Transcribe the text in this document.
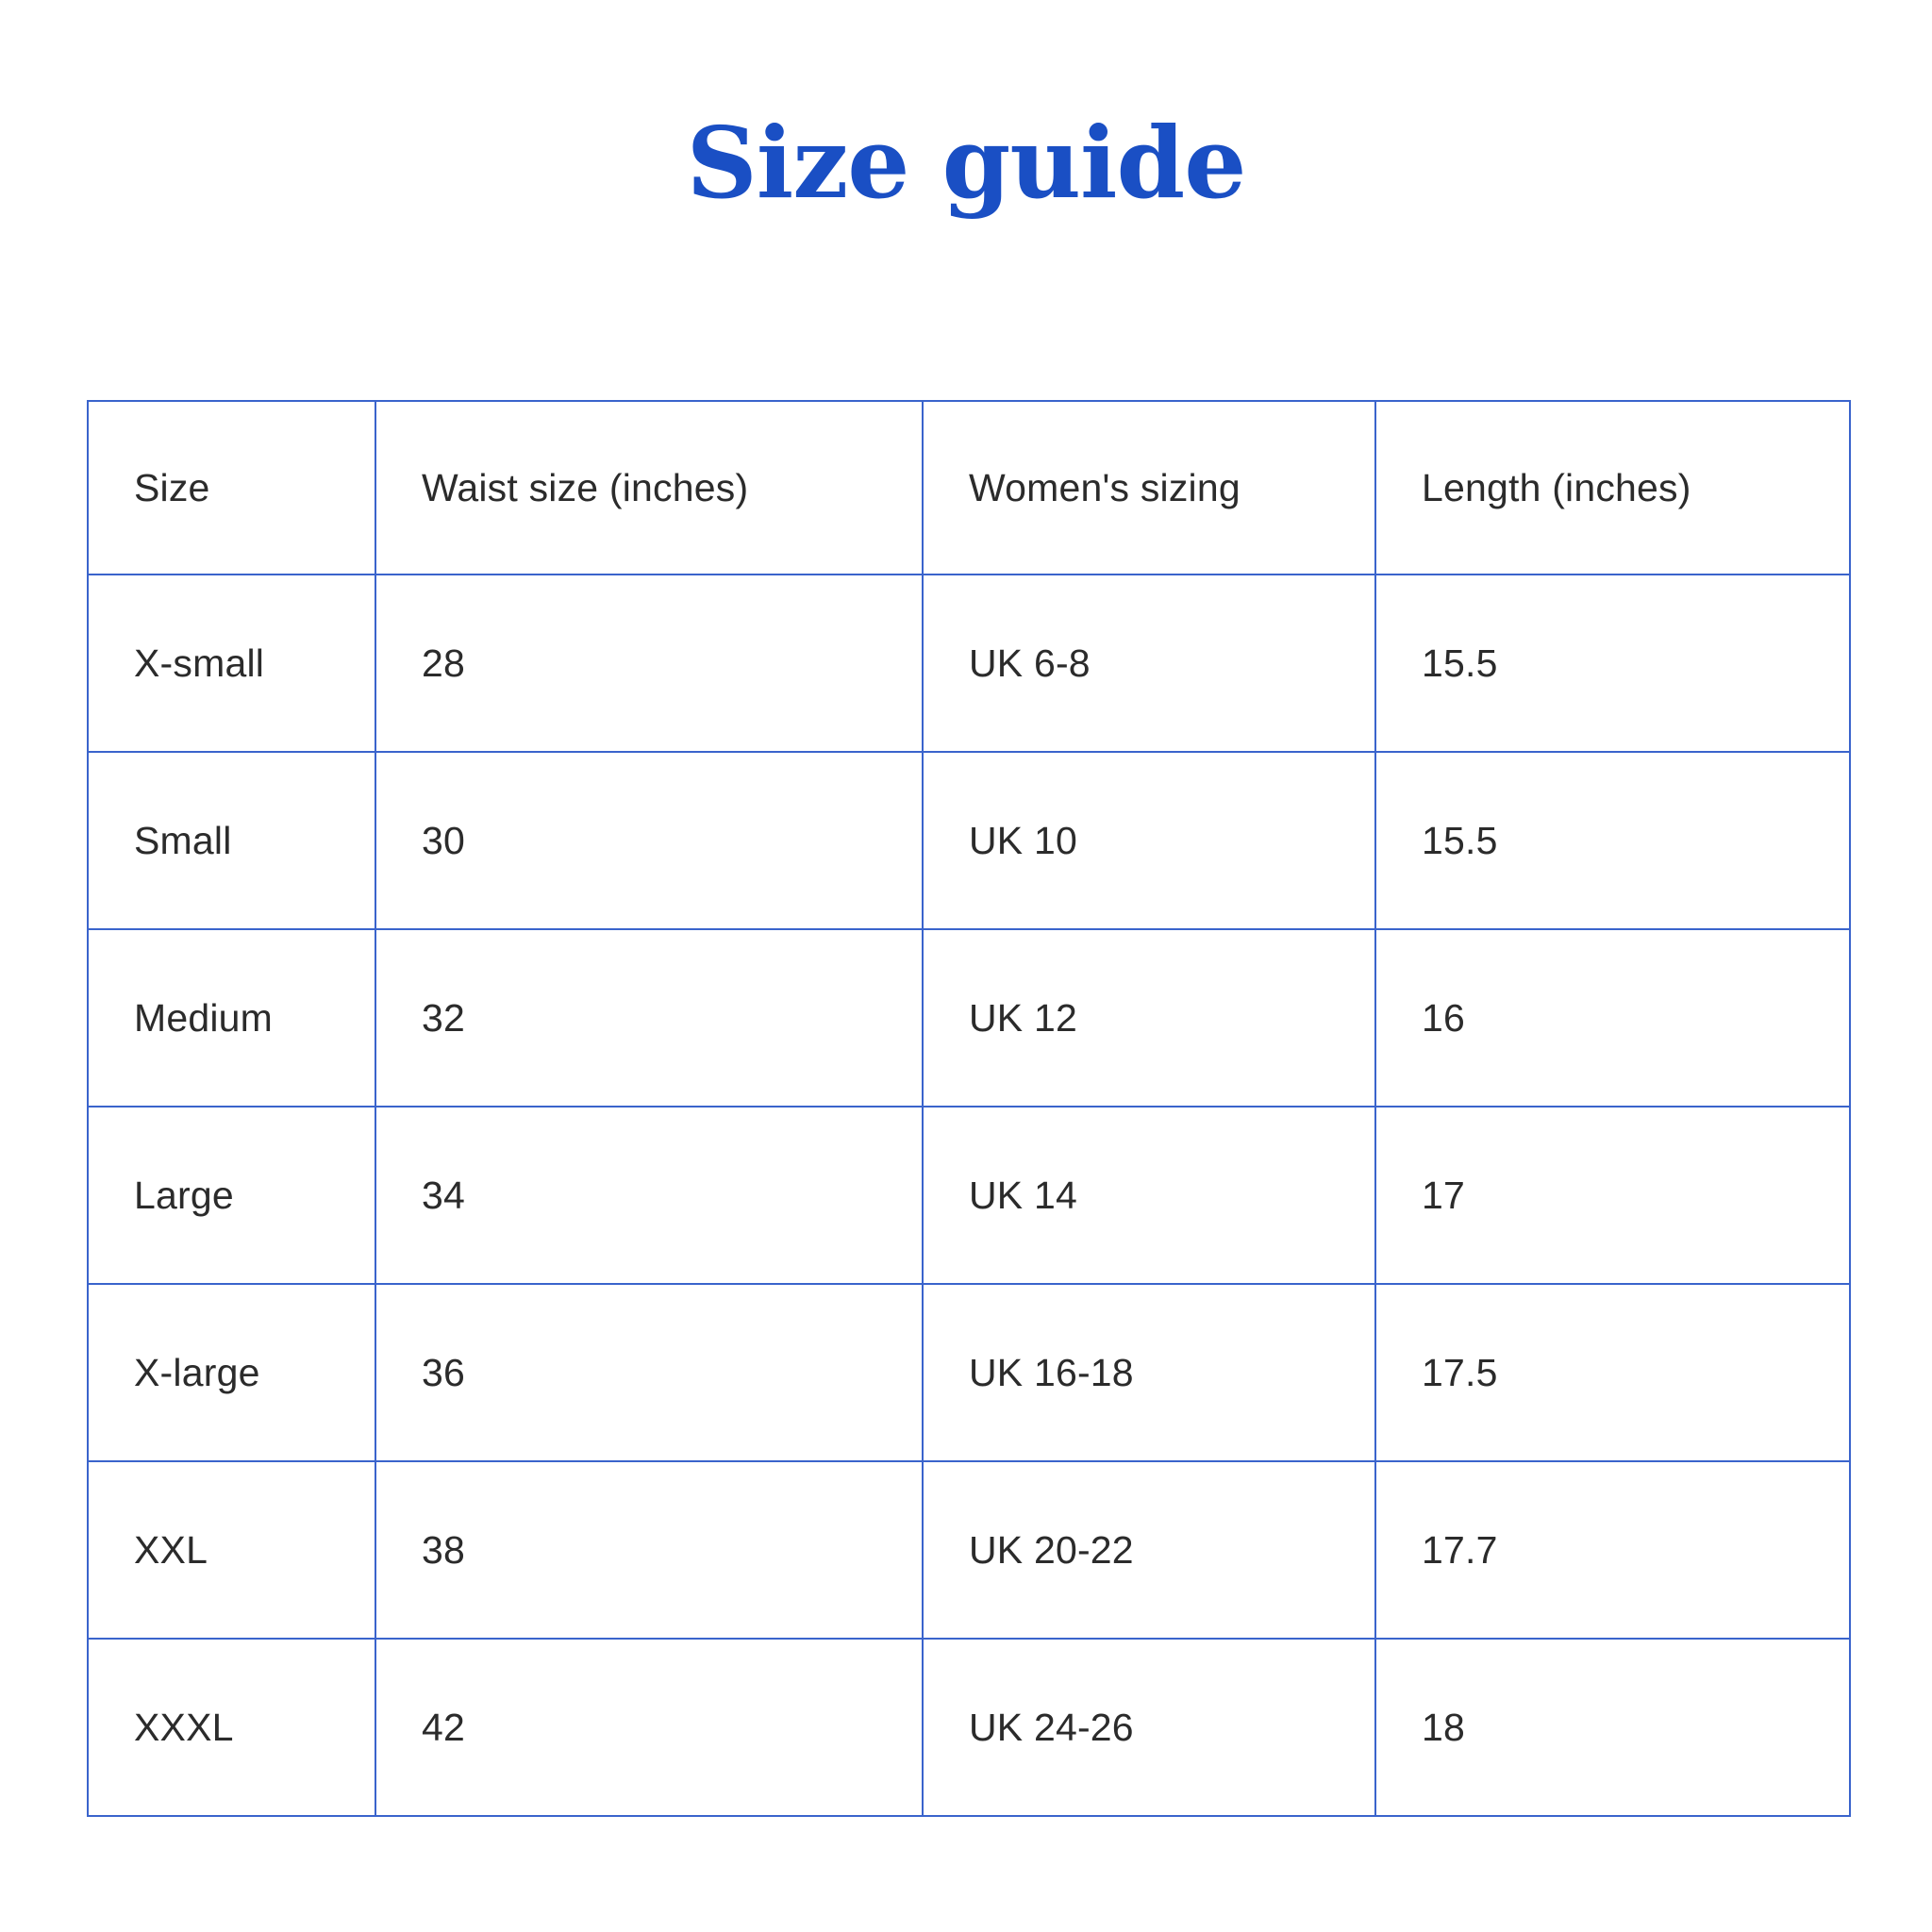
Size guide
Size	Waist size (inches)	Women's sizing	Length (inches)
X-small	28	UK 6-8	15.5
Small	30	UK 10	15.5
Medium	32	UK 12	16
Large	34	UK 14	17
X-large	36	UK 16-18	17.5
XXL	38	UK 20-22	17.7
XXXL	42	UK 24-26	18
